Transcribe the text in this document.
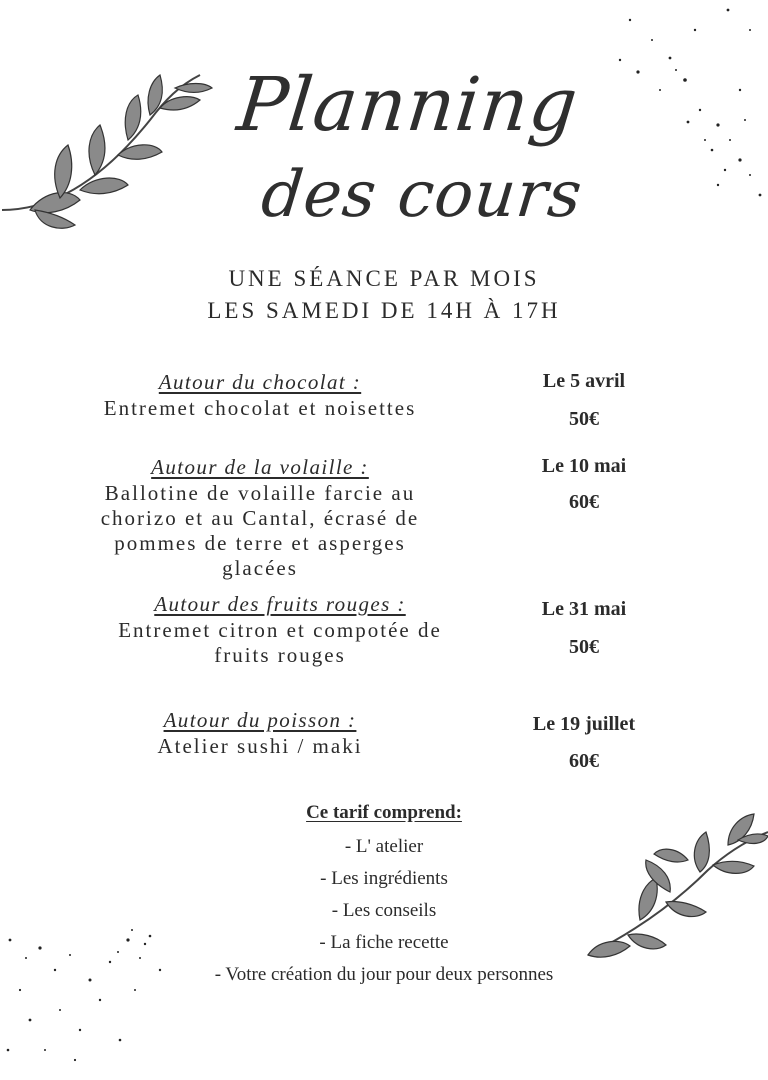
Planning
des cours
UNE SÉANCE PAR MOIS
LES SAMEDI DE 14H À 17H
Autour du chocolat :
Entremet chocolat et noisettes
Le 5 avril
50€
Autour de la volaille :
Ballotine de volaille farcie au
chorizo et au Cantal, écrasé de
pommes de terre et asperges
glacées
Le 10 mai
60€
Autour des fruits rouges :
Entremet citron et compotée de
fruits rouges
Le 31 mai
50€
Autour du poisson :
Atelier sushi / maki
Le 19 juillet
60€
Ce tarif comprend:
- L' atelier
- Les ingrédients
- Les conseils
- La fiche recette
- Votre création du jour pour deux personnes
